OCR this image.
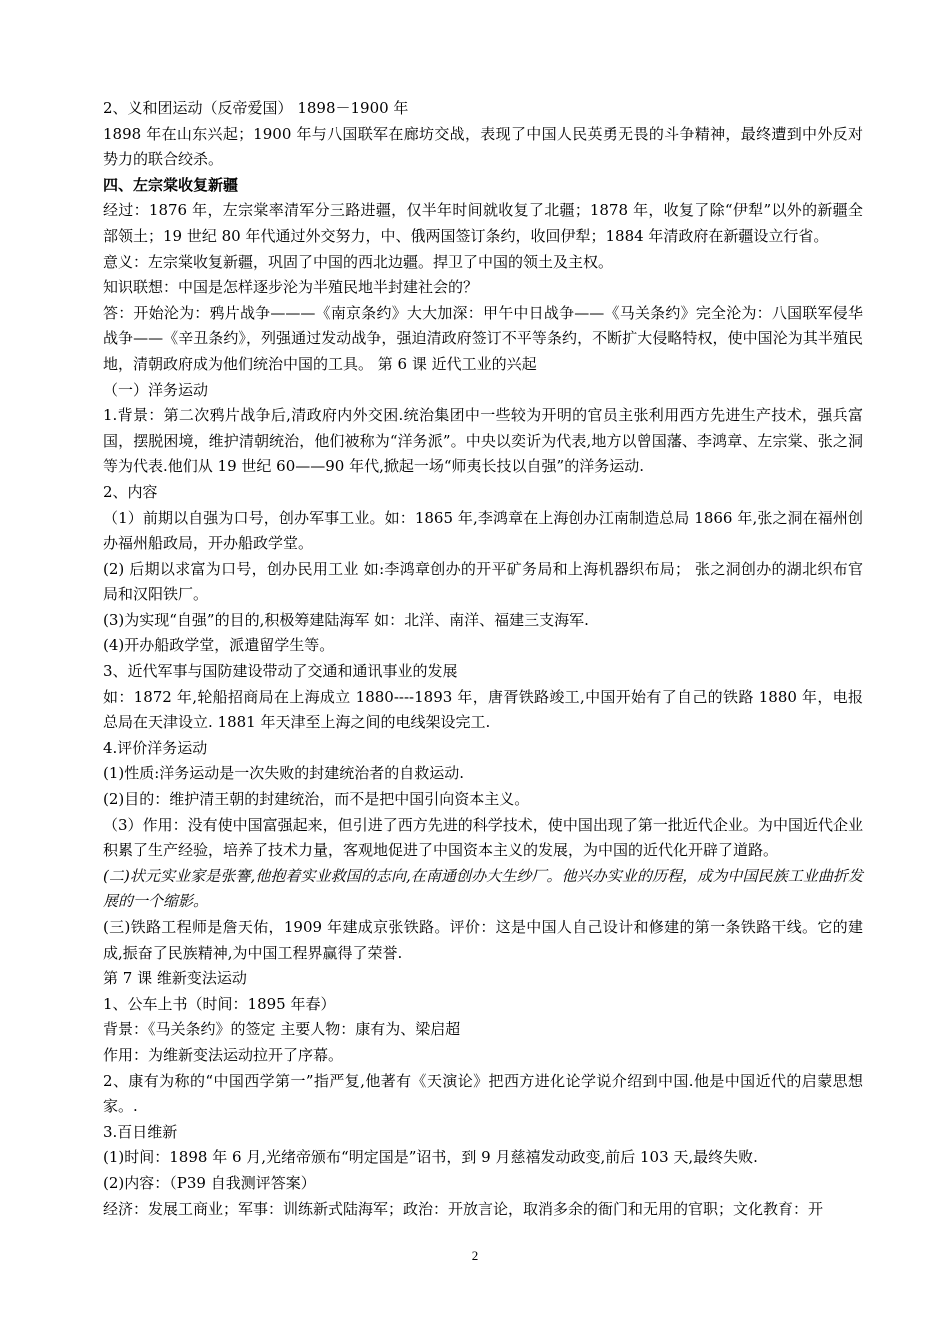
2、义和团运动（反帝爱国） 1898－1900 年

1898 年在山东兴起；1900 年与八国联军在廊坊交战，表现了中国人民英勇无畏的斗争精神，最终遭到中外反对势力的联合绞杀。

四、左宗棠收复新疆

经过：1876 年，左宗棠率清军分三路进疆，仅半年时间就收复了北疆；1878 年，收复了除“伊犁”以外的新疆全部领土；19 世纪 80 年代通过外交努力，中、俄两国签订条约，收回伊犁；1884 年清政府在新疆设立行省。

意义：左宗棠收复新疆，巩固了中国的西北边疆。捍卫了中国的领土及主权。

知识联想：中国是怎样逐步沦为半殖民地半封建社会的？

答：开始沦为：鸦片战争———《南京条约》大大加深：甲午中日战争——《马关条约》完全沦为：八国联军侵华战争——《辛丑条约》，列强通过发动战争，强迫清政府签订不平等条约，不断扩大侵略特权，使中国沦为其半殖民地，清朝政府成为他们统治中国的工具。 第 6 课 近代工业的兴起

（一）洋务运动

1.背景：第二次鸦片战争后,清政府内外交困.统治集团中一些较为开明的官员主张利用西方先进生产技术，强兵富国，摆脱困境，维护清朝统治，他们被称为“洋务派”。中央以奕䜣为代表,地方以曾国藩、李鸿章、左宗棠、张之洞等为代表.他们从 19 世纪 60——90 年代,掀起一场“师夷长技以自强”的洋务运动.

2、内容

（1）前期以自强为口号，创办军事工业。如：1865 年,李鸿章在上海创办江南制造总局 1866 年,张之洞在福州创办福州船政局，开办船政学堂。

(2) 后期以求富为口号，创办民用工业 如:李鸿章创办的开平矿务局和上海机器织布局； 张之洞创办的湖北织布官局和汉阳铁厂。

(3)为实现“自强”的目的,积极筹建陆海军 如：北洋、南洋、福建三支海军.

(4)开办船政学堂，派遣留学生等。

3、近代军事与国防建设带动了交通和通讯事业的发展

如：1872 年,轮船招商局在上海成立 1880----1893 年，唐胥铁路竣工,中国开始有了自己的铁路 1880 年，电报总局在天津设立. 1881 年天津至上海之间的电线架设完工.

4.评价洋务运动

(1)性质:洋务运动是一次失败的封建统治者的自救运动.

(2)目的：维护清王朝的封建统治，而不是把中国引向资本主义。

（3）作用：没有使中国富强起来，但引进了西方先进的科学技术，使中国出现了第一批近代企业。为中国近代企业积累了生产经验，培养了技术力量，客观地促进了中国资本主义的发展，为中国的近代化开辟了道路。

(二)状元实业家是张謇,他抱着实业救国的志向,在南通创办大生纱厂。他兴办实业的历程，成为中国民族工业曲折发展的一个缩影。

(三)铁路工程师是詹天佑，1909 年建成京张铁路。评价：这是中国人自己设计和修建的第一条铁路干线。它的建成,振奋了民族精神,为中国工程界赢得了荣誉.

第 7 课 维新变法运动

1、公车上书（时间：1895 年春）

背景：《马关条约》的签定 主要人物：康有为、梁启超

作用：为维新变法运动拉开了序幕。

2、康有为称的“中国西学第一”指严复,他著有《天演论》把西方进化论学说介绍到中国.他是中国近代的启蒙思想家。.

3.百日维新

(1)时间：1898 年 6 月,光绪帝颁布“明定国是”诏书，到 9 月慈禧发动政变,前后 103 天,最终失败.

(2)内容：（P39 自我测评答案）

经济：发展工商业；军事：训练新式陆海军；政治：开放言论，取消多余的衙门和无用的官职；文化教育：开

2
